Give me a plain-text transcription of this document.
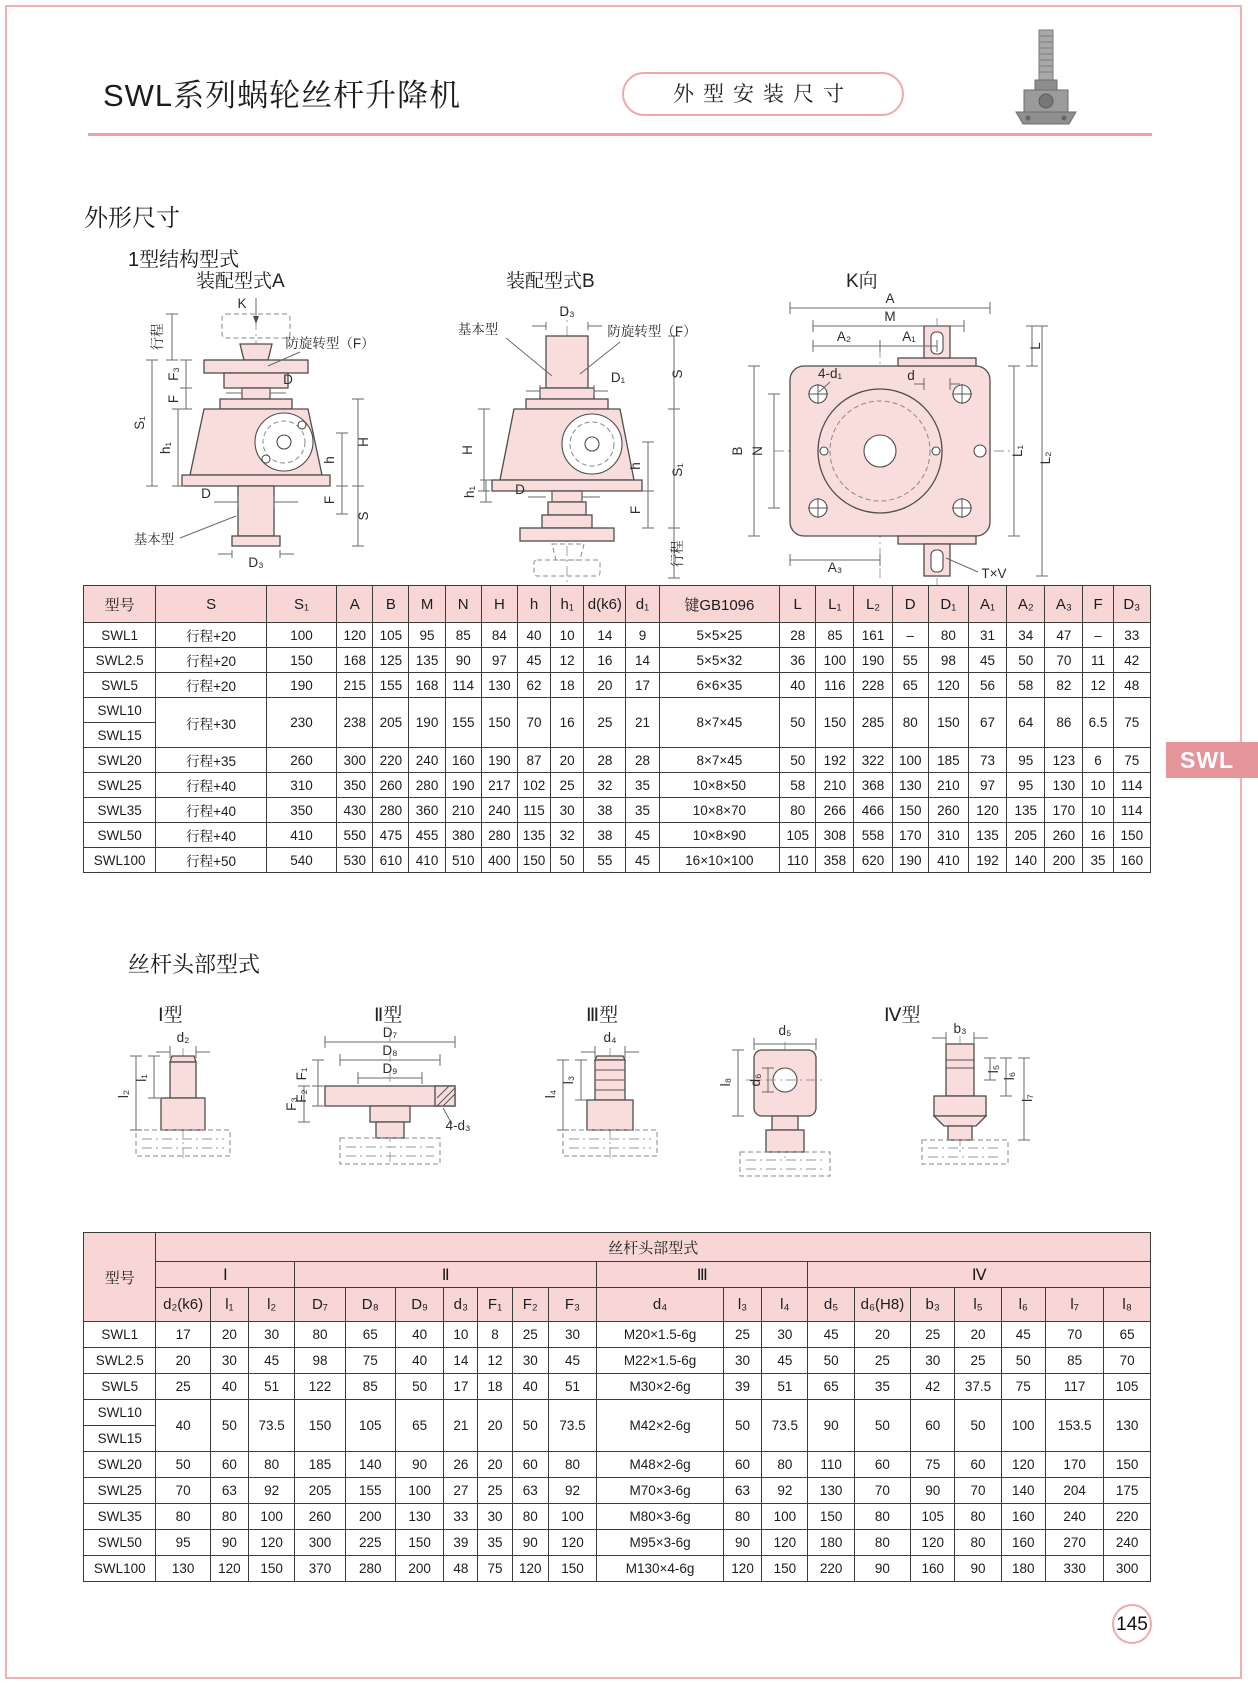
SWL系列蜗轮丝杆升降机	外型安装尺寸
外形尺寸
1型结构型式
装配型式A	装配型式B	K向
K
行程	防旋转型（F）
D
F₃
F
S₁
h₁	H
h
F
S
D
基本型
D₃
D₃
基本型	防旋转型（F）
D₁	S
H
h S₁
h₁	D
F
行程
A
M
A₂	A₁
4-d₁	d
L
B N	L₁
L₂
A₃	T×V
型号	S	S₁	A	B	M	N	H	h	h₁	d(k6)	d₁	键GB1096	L	L₁	L₂	D	D₁	A₁	A₂	A₃	F	D₃
SWL1	行程+20	100	120	105	95	85	84	40	10	14	9	5×5×25	28	85	161	–	80	31	34	47	–	33
SWL2.5	行程+20	150	168	125	135	90	97	45	12	16	14	5×5×32	36	100	190	55	98	45	50	70	11	42
SWL5	行程+20	190	215	155	168	114	130	62	18	20	17	6×6×35	40	116	228	65	120	56	58	82	12	48
SWL10	行程+30	230	238	205	190	155	150	70	16	25	21	8×7×45	50	150	285	80	150	67	64	86	6.5	75
SWL15																						
SWL20	行程+35	260	300	220	240	160	190	87	20	28	28	8×7×45	50	192	322	100	185	73	95	123	6	75
SWL25	行程+40	310	350	260	280	190	217	102	25	32	35	10×8×50	58	210	368	130	210	97	95	130	10	114
SWL35	行程+40	350	430	280	360	210	240	115	30	38	35	10×8×70	80	266	466	150	260	120	135	170	10	114
SWL50	行程+40	410	550	475	455	380	280	135	32	38	45	10×8×90	105	308	558	170	310	135	205	260	16	150
SWL100	行程+50	540	530	610	410	510	400	150	50	55	45	16×10×100	110	358	620	190	410	192	140	200	35	160
丝杆头部型式
Ⅰ型	Ⅱ型	Ⅲ型	Ⅳ型
d₂
l₁
l₂
D₇
D₈
D₉
F₁
F₂
F₃
4-d₃
d₄
l₃
l₄
d₅
d₆
l₈
b₃
l₅
l₆
l₇
型号	丝杆头部型式																			
	Ⅰ			Ⅱ							Ⅲ			Ⅳ						
	d₂(k6)	l₁	l₂	D₇	D₈	D₉	d₃	F₁	F₂	F₃	d₄	l₃	l₄	d₅	d₆(H8)	b₃	l₅	l₆	l₇	l₈
SWL1	17	20	30	80	65	40	10	8	25	30	M20×1.5-6g	25	30	45	20	25	20	45	70	65
SWL2.5	20	30	45	98	75	40	14	12	30	45	M22×1.5-6g	30	45	50	25	30	25	50	85	70
SWL5	25	40	51	122	85	50	17	18	40	51	M30×2-6g	39	51	65	35	42	37.5	75	117	105
SWL10	40	50	73.5	150	105	65	21	20	50	73.5	M42×2-6g	50	73.5	90	50	60	50	100	153.5	130
SWL15																				
SWL20	50	60	80	185	140	90	26	20	60	80	M48×2-6g	60	80	110	60	75	60	120	170	150
SWL25	70	63	92	205	155	100	27	25	63	92	M70×3-6g	63	92	130	70	90	70	140	204	175
SWL35	80	80	100	260	200	130	33	30	80	100	M80×3-6g	80	100	150	80	105	80	160	240	220
SWL50	95	90	120	300	225	150	39	35	90	120	M95×3-6g	90	120	180	80	120	80	160	270	240
SWL100	130	120	150	370	280	200	48	75	120	150	M130×4-6g	120	150	220	90	160	90	180	330	300
SWL
145
